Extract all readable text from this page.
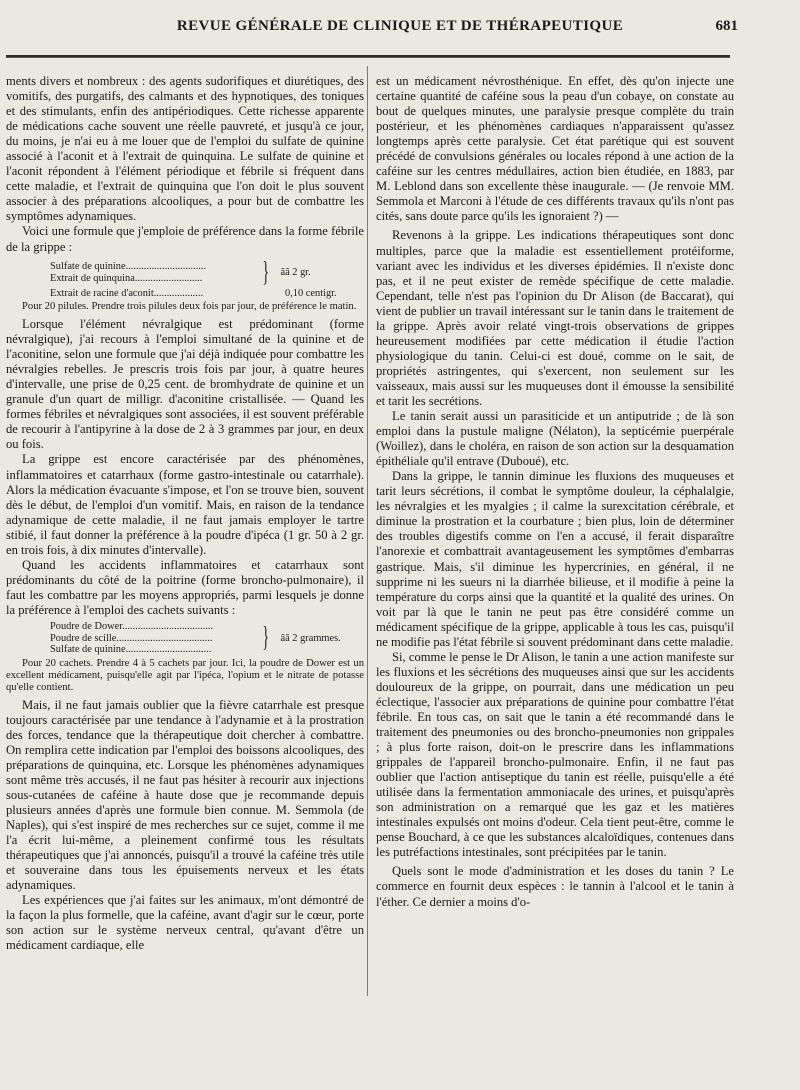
REVUE GÉNÉRALE DE CLINIQUE ET DE THÉRAPEUTIQUE	681

ments divers et nombreux : des agents sudorifiques et diurétiques, des vomitifs, des purgatifs, des calmants et des hypnotiques, des toniques et des stimulants, enfin des antipériodiques. Cette richesse apparente de médications cache souvent une réelle pauvreté, et jusqu'à ce jour, du moins, je n'ai eu à me louer que de l'emploi du sulfate de quinine associé à l'aconit et à l'extrait de quinquina. Le sulfate de quinine et l'aconit répondent à l'élément périodique et fébrile si fréquent dans cette maladie, et l'extrait de quinquina que l'on doit le plus souvent associer à des préparations alcooliques, a pour but de combattre les symptômes adynamiques.

Voici une formule que j'emploie de préférence dans la forme fébrile de la grippe :

Sulfate de quinine...............................
Extrait de quinquina..........................	} ââ 2 gr.
Extrait de racine d'aconit...................	0,10 centigr.

Pour 20 pilules. Prendre trois pilules deux fois par jour, de préférence le matin.

Lorsque l'élément névralgique est prédominant (forme névralgique), j'ai recours à l'emploi simultané de la quinine et de l'aconitine, selon une formule que j'ai déjà indiquée pour combattre les névralgies rebelles. Je prescris trois fois par jour, à quatre heures d'intervalle, une prise de 0,25 cent. de bromhydrate de quinine et un granule d'un quart de milligr. d'aconitine cristallisée. — Quand les formes fébriles et névralgiques sont associées, il est souvent préférable de recourir à l'antipyrine à la dose de 2 à 3 grammes par jour, en deux ou fois.

La grippe est encore caractérisée par des phénomènes, inflammatoires et catarrhaux (forme gastro-intestinale ou catarrhale). Alors la médication évacuante s'impose, et l'on se trouve bien, souvent dès le début, de l'emploi d'un vomitif. Mais, en raison de la tendance adynamique de cette maladie, il ne faut jamais employer le tartre stibié, il faut donner la préférence à la poudre d'ipéca (1 gr. 50 à 2 gr. en trois fois, à dix minutes d'intervalle).

Quand les accidents inflammatoires et catarrhaux sont prédominants du côté de la poitrine (forme broncho-pulmonaire), il faut les combattre par les moyens appropriés, parmi lesquels je donne la préférence à l'emploi des cachets suivants :

Poudre de Dower...................................
Poudre de scille.....................................
Sulfate de quinine.................................	} ââ 2 grammes.

Pour 20 cachets. Prendre 4 à 5 cachets par jour. Ici, la poudre de Dower est un excellent médicament, puisqu'elle agit par l'ipéca, l'opium et le nitrate de potasse qu'elle contient.

Mais, il ne faut jamais oublier que la fièvre catarrhale est presque toujours caractérisée par une tendance à l'adynamie et à la prostration des forces, tendance que la thérapeutique doit chercher à combattre. On remplira cette indication par l'emploi des boissons alcooliques, des préparations de quinquina, etc. Lorsque les phénomènes adynamiques sont même très accusés, il ne faut pas hésiter à recourir aux injections sous-cutanées de caféine à haute dose que je recommande depuis plusieurs années d'après une formule bien connue. M. Semmola (de Naples), qui s'est inspiré de mes recherches sur ce sujet, comme il me l'a écrit lui-même, a pleinement confirmé tous les résultats thérapeutiques que j'ai annoncés, puisqu'il a trouvé la caféine très utile et souveraine dans tous les épuisements nerveux et les états adynamiques.

Les expériences que j'ai faites sur les animaux, m'ont démontré de la façon la plus formelle, que la caféine, avant d'agir sur le cœur, porte son action sur le système nerveux central, qu'avant d'être un médicament cardiaque, elle

est un médicament névrosthénique. En effet, dès qu'on injecte une certaine quantité de caféine sous la peau d'un cobaye, on constate au bout de quelques minutes, une paralysie presque complète du train postérieur, et les phénomènes cardiaques n'apparaissent qu'assez longtemps après cette paralysie. Cet état parétique qui est souvent précédé de convulsions générales ou locales répond à une action de la caféine sur les centres médullaires, action bien étudiée, en 1883, par M. Leblond dans son excellente thèse inaugurale. — (Je renvoie MM. Semmola et Marconi à l'étude de ces différents travaux qu'ils n'ont pas cités, sans doute parce qu'ils les ignoraient ?) —

Revenons à la grippe. Les indications thérapeutiques sont donc multiples, parce que la maladie est essentiellement protéiforme, variant avec les individus et les diverses épidémies. Il n'existe donc pas, et il ne peut exister de remède spécifique de cette maladie. Cependant, telle n'est pas l'opinion du Dr Alison (de Baccarat), qui vient de publier un travail intéressant sur le tanin dans le traitement de la grippe. Après avoir relaté vingt-trois observations de grippes heureusement modifiées par cette médication il étudie l'action physiologique du tanin. Celui-ci est doué, comme on le sait, de propriétés astringentes, qui s'exercent, non seulement sur les vaisseaux, mais aussi sur les muqueuses dont il émousse la sensibilité et tarit les secrétions.

Le tanin serait aussi un parasiticide et un antiputride ; de là son emploi dans la pustule maligne (Nélaton), la septicémie puerpérale (Woillez), dans le choléra, en raison de son action sur la desquamation épithéliale qu'il entrave (Duboué), etc.

Dans la grippe, le tannin diminue les fluxions des muqueuses et tarit leurs sécrétions, il combat le symptôme douleur, la céphalalgie, les névralgies et les myalgies ; il calme la surexcitation cérébrale, et diminue la prostration et la courbature ; bien plus, loin de déterminer des troubles digestifs comme on l'en a accusé, il ferait disparaître l'anorexie et combattrait avantageusement les symptômes d'embarras gastrique. Mais, s'il diminue les hypercrinies, en général, il ne supprime ni les sueurs ni la diarrhée bilieuse, et il modifie à peine la température du corps ainsi que la quantité et la qualité des urines. On voit par là que le tanin ne peut pas être considéré comme un médicament spécifique de la grippe, applicable à tous les cas, puisqu'il ne modifie pas l'état fébrile si souvent prédominant dans cette maladie.

Si, comme le pense le Dr Alison, le tanin a une action manifeste sur les fluxions et les sécrétions des muqueuses ainsi que sur les accidents douloureux de la grippe, on pourrait, dans une médication un peu éclectique, l'associer aux préparations de quinine pour combattre l'état fébrile. En tous cas, on sait que le tanin a été recommandé dans le traitement des pneumonies ou des broncho-pneumonies non grippales ; à plus forte raison, doit-on le prescrire dans les inflammations grippales de l'appareil broncho-pulmonaire. Enfin, il ne faut pas oublier que l'action antiseptique du tanin est réelle, puisqu'elle a été utilisée dans la fermentation ammoniacale des urines, et puisqu'après son administration on a remarqué que les gaz et les matières intestinales expulsés ont moins d'odeur. Cela tient peut-être, comme le pense Bouchard, à ce que les substances alcaloïdiques, contenues dans les putréfactions intestinales, sont précipitées par le tanin.

Quels sont le mode d'administration et les doses du tanin ? Le commerce en fournit deux espèces : le tannin à l'alcool et le tanin à l'éther. Ce dernier a moins d'o-
